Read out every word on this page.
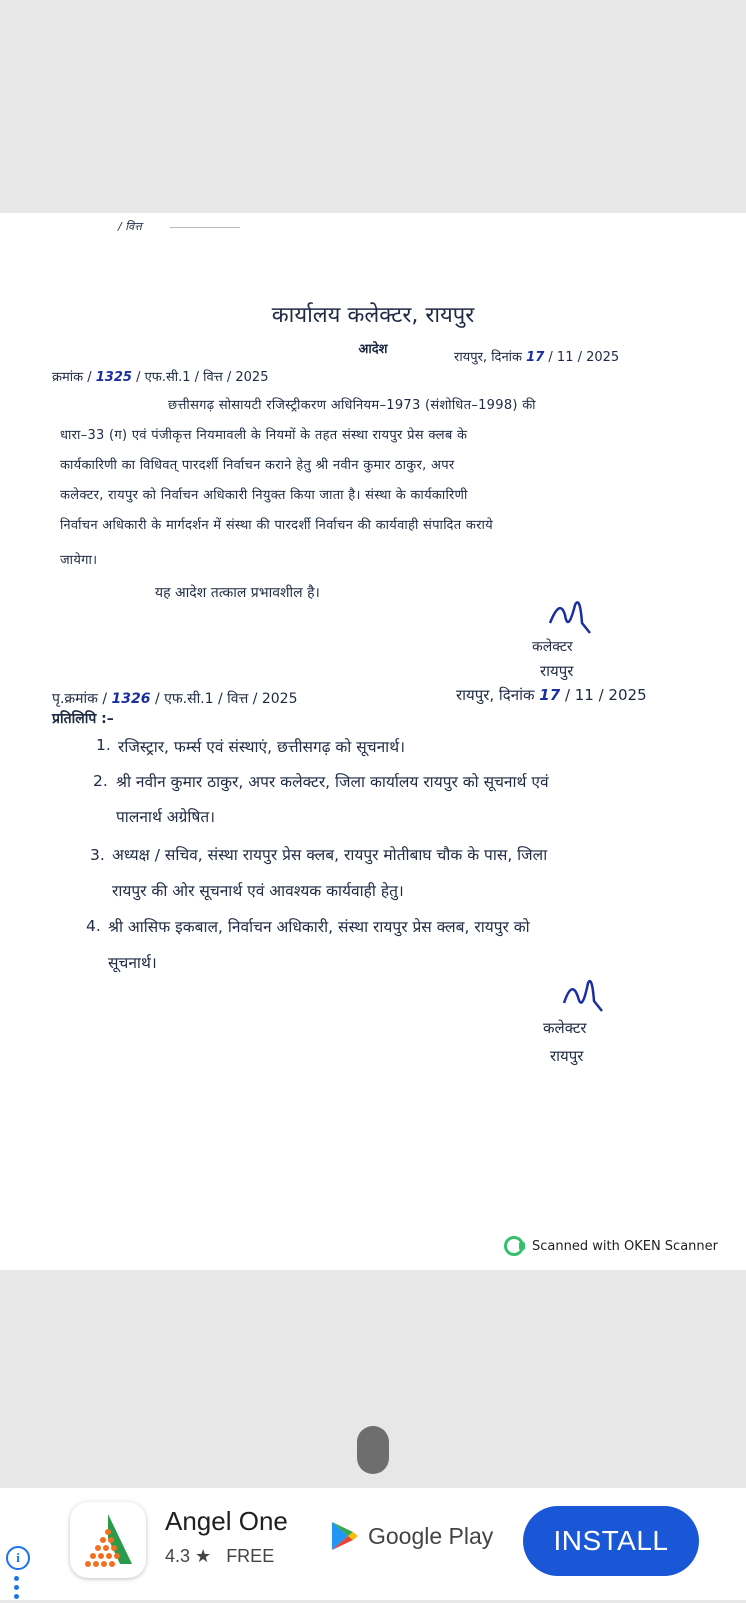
/ वित्त
कार्यालय कलेक्टर, रायपुर
आदेश
क्रमांक / 1325 / एफ.सी.1 / वित्त / 2025
रायपुर, दिनांक 17 / 11 / 2025
छत्तीसगढ़ सोसायटी रजिस्ट्रीकरण अधिनियम–1973 (संशोधित–1998) की
धारा–33 (ग) एवं पंजीकृत्त नियमावली के नियमों के तहत संस्था रायपुर प्रेस क्लब के
कार्यकारिणी का विधिवत् पारदर्शी निर्वाचन कराने हेतु श्री नवीन कुमार ठाकुर, अपर
कलेक्टर, रायपुर को निर्वाचन अधिकारी नियुक्त किया जाता है। संस्था के कार्यकारिणी
निर्वाचन अधिकारी के मार्गदर्शन में संस्था की पारदर्शी निर्वाचन की कार्यवाही संपादित कराये
जायेगा।
यह आदेश तत्काल प्रभावशील है।
कलेक्टर
रायपुर
पृ.क्रमांक / 1326 / एफ.सी.1 / वित्त / 2025	रायपुर, दिनांक 17 / 11 / 2025
प्रतिलिपि :–
1. रजिस्ट्रार, फर्म्स एवं संस्थाएं, छत्तीसगढ़ को सूचनार्थ।
2. श्री नवीन कुमार ठाकुर, अपर कलेक्टर, जिला कार्यालय रायपुर को सूचनार्थ एवं
पालनार्थ अग्रेषित।
3. अध्यक्ष / सचिव, संस्था रायपुर प्रेस क्लब, रायपुर मोतीबाघ चौक के पास, जिला
रायपुर की ओर सूचनार्थ एवं आवश्यक कार्यवाही हेतु।
4. श्री आसिफ इकबाल, निर्वाचन अधिकारी, संस्था रायपुर प्रेस क्लब, रायपुर को
सूचनार्थ।
कलेक्टर
रायपुर
Scanned with OKEN Scanner
i
Angel One
4.3 ★ FREE
Google Play	INSTALL
